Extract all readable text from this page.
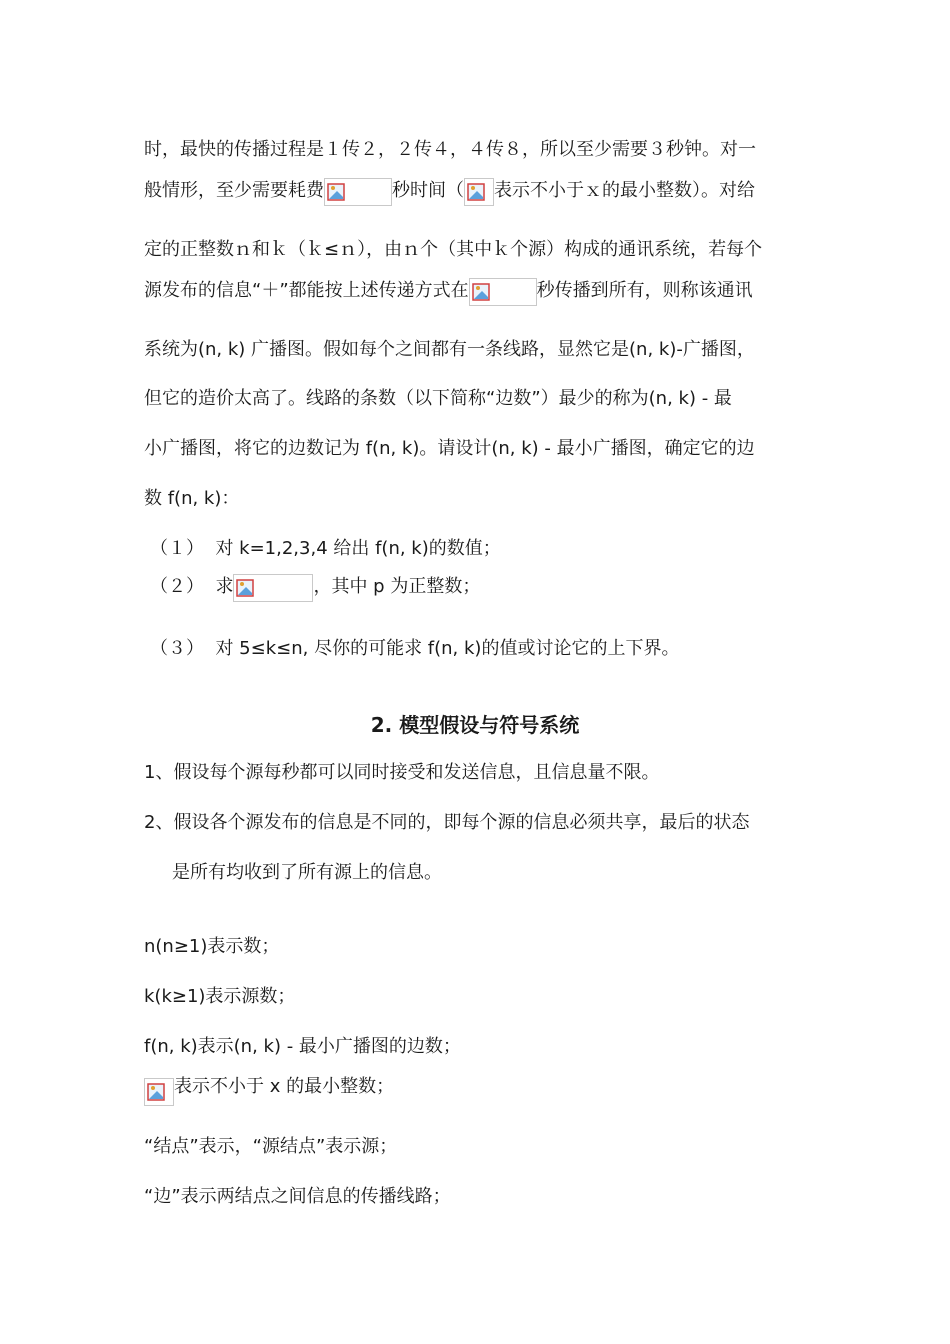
时，最快的传播过程是１传２，２传４，４传８，所以至少需要３秒钟。对一
般情形，至少需要耗费	秒时间（ 表示不小于ｘ的最小整数）。对给
定的正整数ｎ和ｋ（ｋ≤ｎ），由ｎ个（其中ｋ个源）构成的通讯系统，若每个
源发布的信息“＋”都能按上述传递方式在	秒传播到所有，则称该通讯
系统为(n, k) 广播图。假如每个之间都有一条线路，显然它是(n, k)-广播图，
但它的造价太高了。线路的条数（以下简称“边数”）最少的称为(n, k) - 最
小广播图，将它的边数记为 f(n, k)。请设计(n, k) - 最小广播图，确定它的边
数 f(n, k)：
（１） 对 k=1,2,3,4 给出 f(n, k)的数值；
（２） 求	，其中 p 为正整数；
（３） 对 5≤k≤n, 尽你的可能求 f(n, k)的值或讨论它的上下界。
2. 模型假设与符号系统
1、假设每个源每秒都可以同时接受和发送信息，且信息量不限。
2、假设各个源发布的信息是不同的，即每个源的信息必须共享，最后的状态
是所有均收到了所有源上的信息。
n(n≥1)表示数；
k(k≥1)表示源数；
f(n, k)表示(n, k) - 最小广播图的边数；
表示不小于 x 的最小整数；
“结点”表示，“源结点”表示源；
“边”表示两结点之间信息的传播线路；
